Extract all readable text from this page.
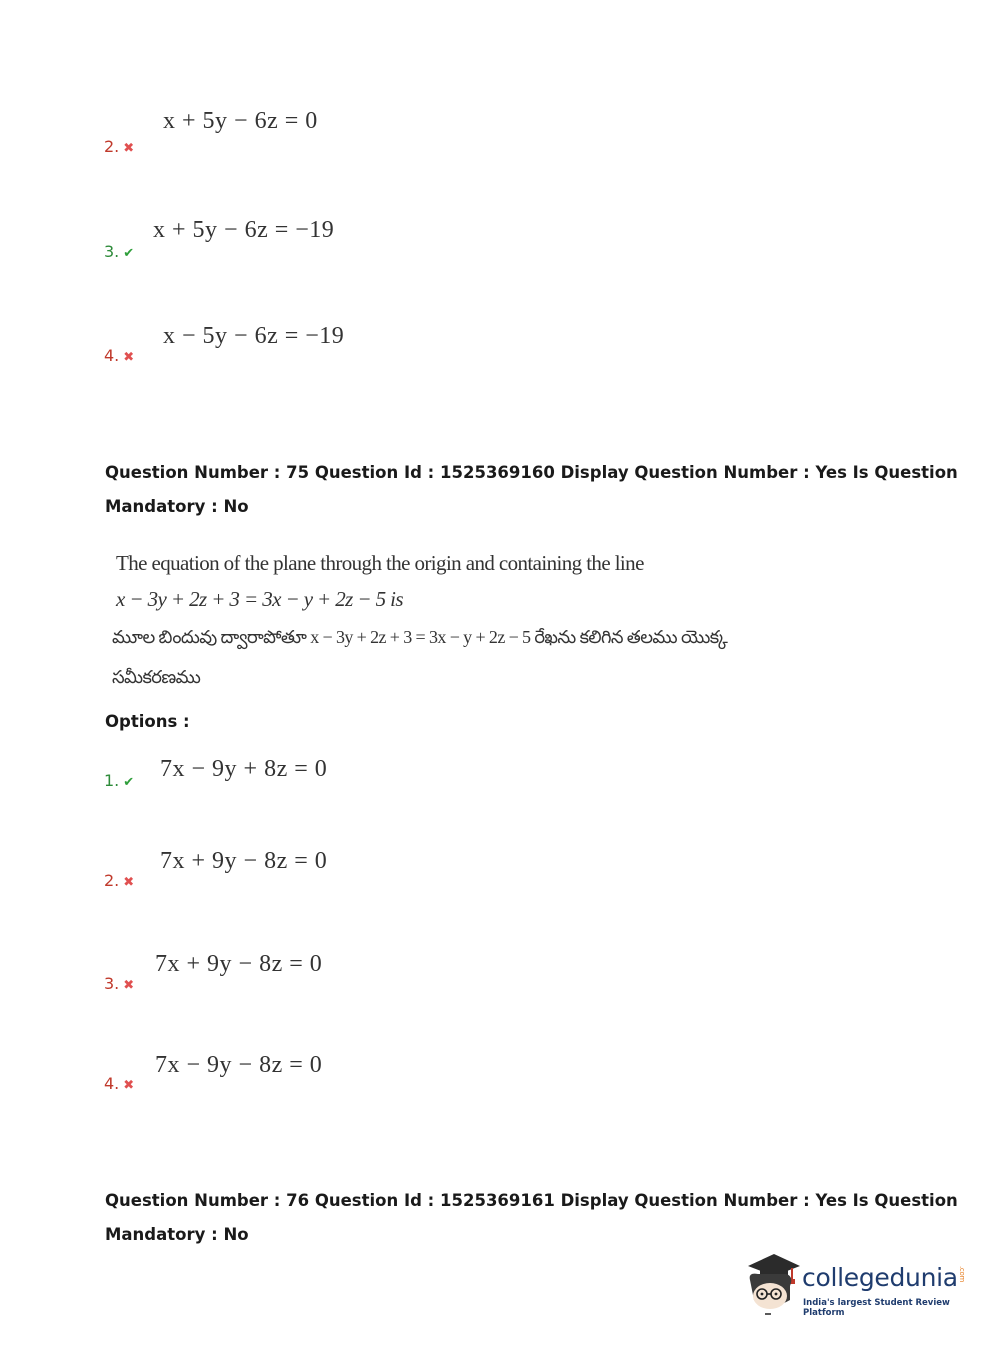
x + 5y − 6z = 0
2. ✖
x + 5y − 6z = −19
3. ✔
x − 5y − 6z = −19
4. ✖
Question Number : 75 Question Id : 1525369160 Display Question Number : Yes Is Question
Mandatory : No
The equation of the plane through the origin and containing the line
x − 3y + 2z + 3 = 3x − y + 2z − 5 is
మూల బిందువు ద్వారాపోతూ x − 3y + 2z + 3 = 3x − y + 2z − 5 రేఖను కలిగిన తలము యొక్క
సమీకరణము
Options :
7x − 9y + 8z = 0
1. ✔
7x + 9y − 8z = 0
2. ✖
7x + 9y − 8z = 0
3. ✖
7x − 9y − 8z = 0
4. ✖
Question Number : 76 Question Id : 1525369161 Display Question Number : Yes Is Question
Mandatory : No
collegedunia.com
India's largest Student Review Platform
